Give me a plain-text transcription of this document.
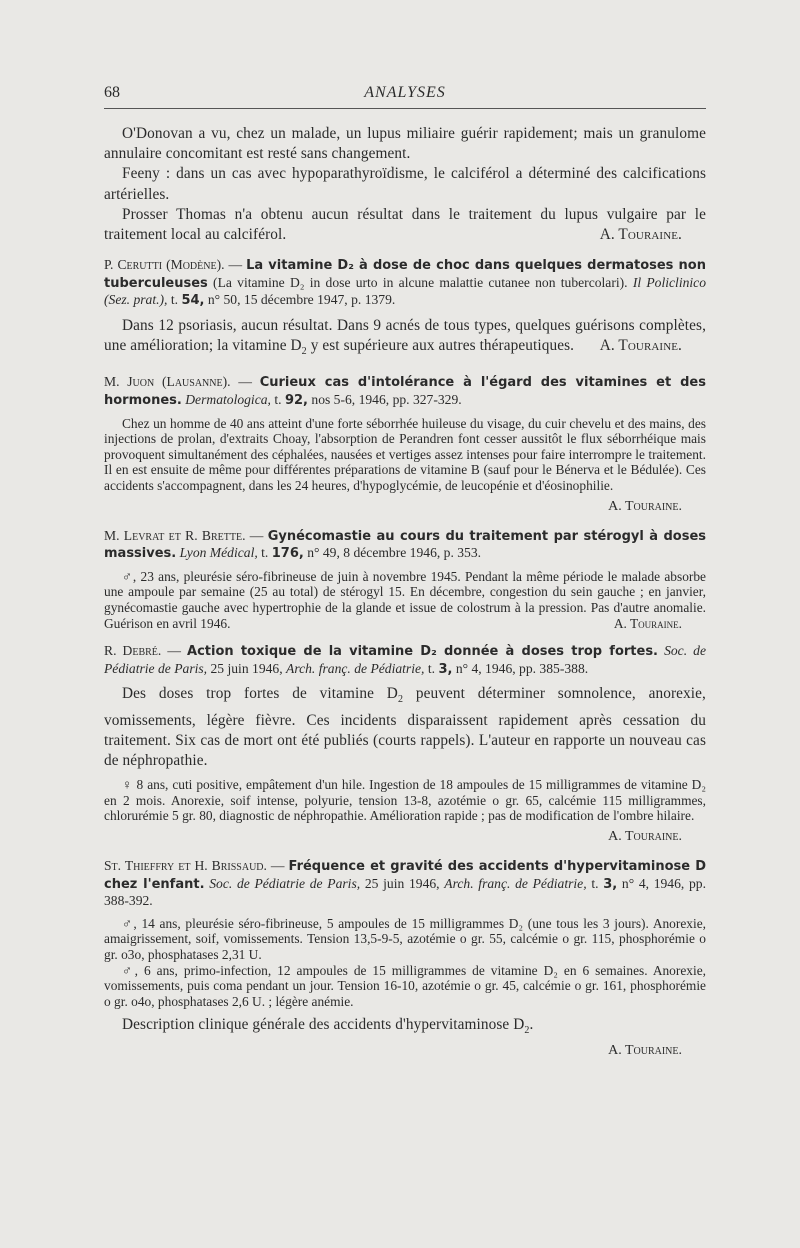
68	ANALYSES

O'Donovan a vu, chez un malade, un lupus miliaire guérir rapidement; mais un granulome annulaire concomitant est resté sans changement.

Feeny : dans un cas avec hypoparathyroïdisme, le calciférol a déterminé des calcifications artérielles.

Prosser Thomas n'a obtenu aucun résultat dans le traitement du lupus vulgaire par le traitement local au calciférol.	A. Touraine.

P. Cerutti (Modène). — La vitamine D₂ à dose de choc dans quelques dermatoses non tuberculeuses (La vitamine D₂ in dose urto in alcune malattie cutanee non tubercolari). Il Policlinico (Sez. prat.), t. 54, n° 50, 15 décembre 1947, p. 1379.

Dans 12 psoriasis, aucun résultat. Dans 9 acnés de tous types, quelques guérisons complètes, une amélioration; la vitamine $D_2$ y est supérieure aux autres thérapeutiques.	A. Touraine.

M. Juon (Lausanne). — Curieux cas d'intolérance à l'égard des vitamines et des hormones. Dermatologica, t. 92, nos 5-6, 1946, pp. 327-329.

Chez un homme de 40 ans atteint d'une forte séborrhée huileuse du visage, du cuir chevelu et des mains, des injections de prolan, d'extraits Choay, l'absorption de Perandren font cesser aussitôt le flux séborrhéique mais provoquent simultanément des céphalées, nausées et vertiges assez intenses pour faire interrompre le traitement. Il en est ensuite de même pour différentes préparations de vitamine B (sauf pour le Bénerva et le Bédulée). Ces accidents s'accompagnent, dans les 24 heures, d'hypoglycémie, de leucopénie et d'éosinophilie.

A. Touraine.

M. Levrat et R. Brette. — Gynécomastie au cours du traitement par stérogyl à doses massives. Lyon Médical, t. 176, n° 49, 8 décembre 1946, p. 353.

♂, 23 ans, pleurésie séro-fibrineuse de juin à novembre 1945. Pendant la même période le malade absorbe une ampoule par semaine (25 au total) de stérogyl 15. En décembre, congestion du sein gauche ; en janvier, gynécomastie gauche avec hypertrophie de la glande et issue de colostrum à la pression. Pas d'autre anomalie. Guérison en avril 1946.	A. Touraine.

R. Debré. — Action toxique de la vitamine D₂ donnée à doses trop fortes. Soc. de Pédiatrie de Paris, 25 juin 1946, Arch. franç. de Pédiatrie, t. 3, n° 4, 1946, pp. 385-388.

Des doses trop fortes de vitamine $D_2$ peuvent déterminer somnolence, anorexie, vomissements, légère fièvre. Ces incidents disparaissent rapidement après cessation du traitement. Six cas de mort ont été publiés (courts rappels). L'auteur en rapporte un nouveau cas de néphropathie.

♀ 8 ans, cuti positive, empâtement d'un hile. Ingestion de 18 ampoules de 15 milligrammes de vitamine D₂ en 2 mois. Anorexie, soif intense, polyurie, tension 13-8, azotémie o gr. 65, calcémie 115 milligrammes, chlorurémie 5 gr. 80, diagnostic de néphropathie. Amélioration rapide ; pas de modification de l'ombre hilaire.

A. Touraine.

St. Thieffry et H. Brissaud. — Fréquence et gravité des accidents d'hypervitaminose D chez l'enfant. Soc. de Pédiatrie de Paris, 25 juin 1946, Arch. franç. de Pédiatrie, t. 3, n° 4, 1946, pp. 388-392.

♂, 14 ans, pleurésie séro-fibrineuse, 5 ampoules de 15 milligrammes D₂ (une tous les 3 jours). Anorexie, amaigrissement, soif, vomissements. Tension 13,5-9-5, azotémie o gr. 55, calcémie o gr. 115, phosphorémie o gr. o3o, phosphatases 2,31 U.

♂, 6 ans, primo-infection, 12 ampoules de 15 milligrammes de vitamine D₂ en 6 semaines. Anorexie, vomissements, puis coma pendant un jour. Tension 16-10, azotémie o gr. 45, calcémie o gr. 161, phosphorémie o gr. o4o, phosphatases 2,6 U. ; légère anémie.

Description clinique générale des accidents d'hypervitaminose $D_2$.

A. Touraine.
